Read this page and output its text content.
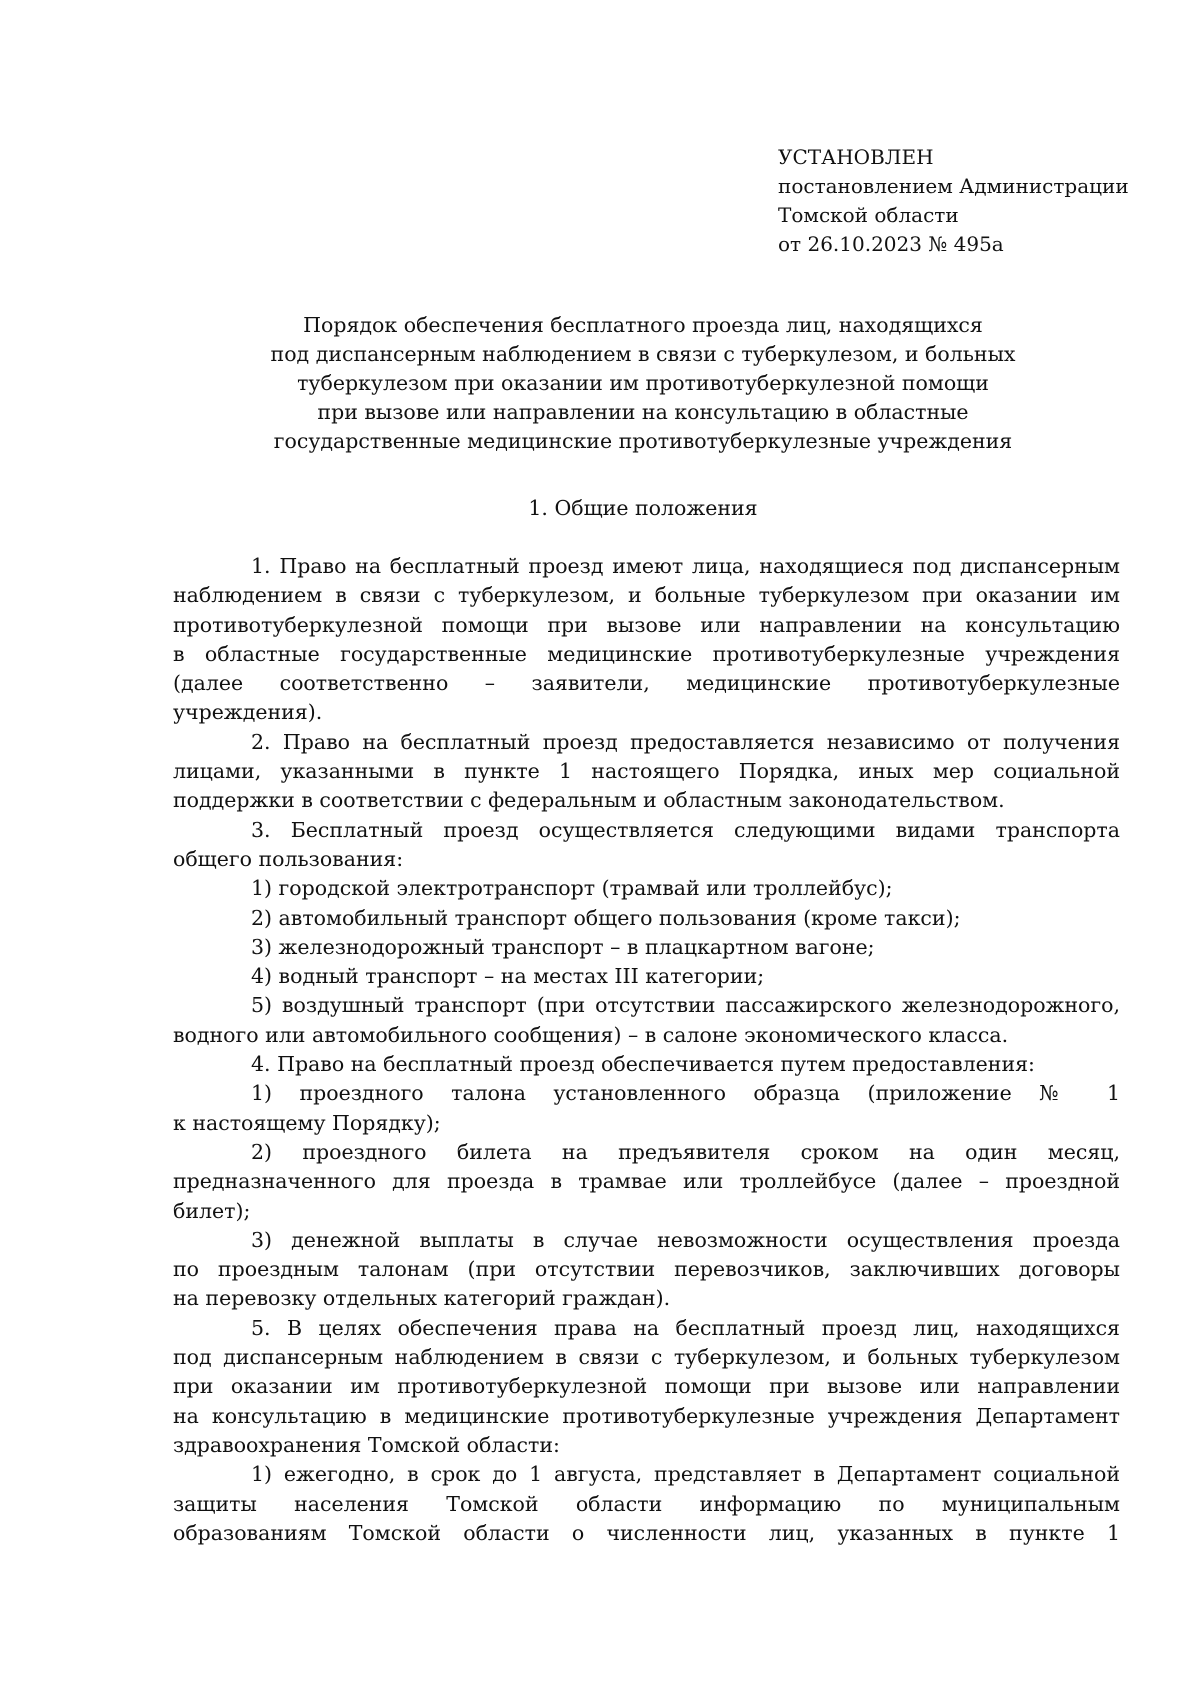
УСТАНОВЛЕН
постановлением Администрации
Томской области
от 26.10.2023 № 495а
Порядок обеспечения бесплатного проезда лиц, находящихся
под диспансерным наблюдением в связи с туберкулезом, и больных
туберкулезом при оказании им противотуберкулезной помощи
при вызове или направлении на консультацию в областные
государственные медицинские противотуберкулезные учреждения
1. Общие положения
1. Право на бесплатный проезд имеют лица, находящиеся под диспансерным
наблюдением в связи с туберкулезом, и больные туберкулезом при оказании им
противотуберкулезной помощи при вызове или направлении на консультацию
в областные государственные медицинские противотуберкулезные учреждения
(далее соответственно – заявители, медицинские противотуберкулезные
учреждения).
2. Право на бесплатный проезд предоставляется независимо от получения
лицами, указанными в пункте 1 настоящего Порядка, иных мер социальной
поддержки в соответствии с федеральным и областным законодательством.
3. Бесплатный проезд осуществляется следующими видами транспорта
общего пользования:
1) городской электротранспорт (трамвай или троллейбус);
2) автомобильный транспорт общего пользования (кроме такси);
3) железнодорожный транспорт – в плацкартном вагоне;
4) водный транспорт – на местах III категории;
5) воздушный транспорт (при отсутствии пассажирского железнодорожного,
водного или автомобильного сообщения) – в салоне экономического класса.
4. Право на бесплатный проезд обеспечивается путем предоставления:
1) проездного талона установленного образца (приложение № 1
к настоящему Порядку);
2) проездного билета на предъявителя сроком на один месяц,
предназначенного для проезда в трамвае или троллейбусе (далее – проездной
билет);
3) денежной выплаты в случае невозможности осуществления проезда
по проездным талонам (при отсутствии перевозчиков, заключивших договоры
на перевозку отдельных категорий граждан).
5. В целях обеспечения права на бесплатный проезд лиц, находящихся
под диспансерным наблюдением в связи с туберкулезом, и больных туберкулезом
при оказании им противотуберкулезной помощи при вызове или направлении
на консультацию в медицинские противотуберкулезные учреждения Департамент
здравоохранения Томской области:
1) ежегодно, в срок до 1 августа, представляет в Департамент социальной
защиты населения Томской области информацию по муниципальным
образованиям Томской области о численности лиц, указанных в пункте 1
